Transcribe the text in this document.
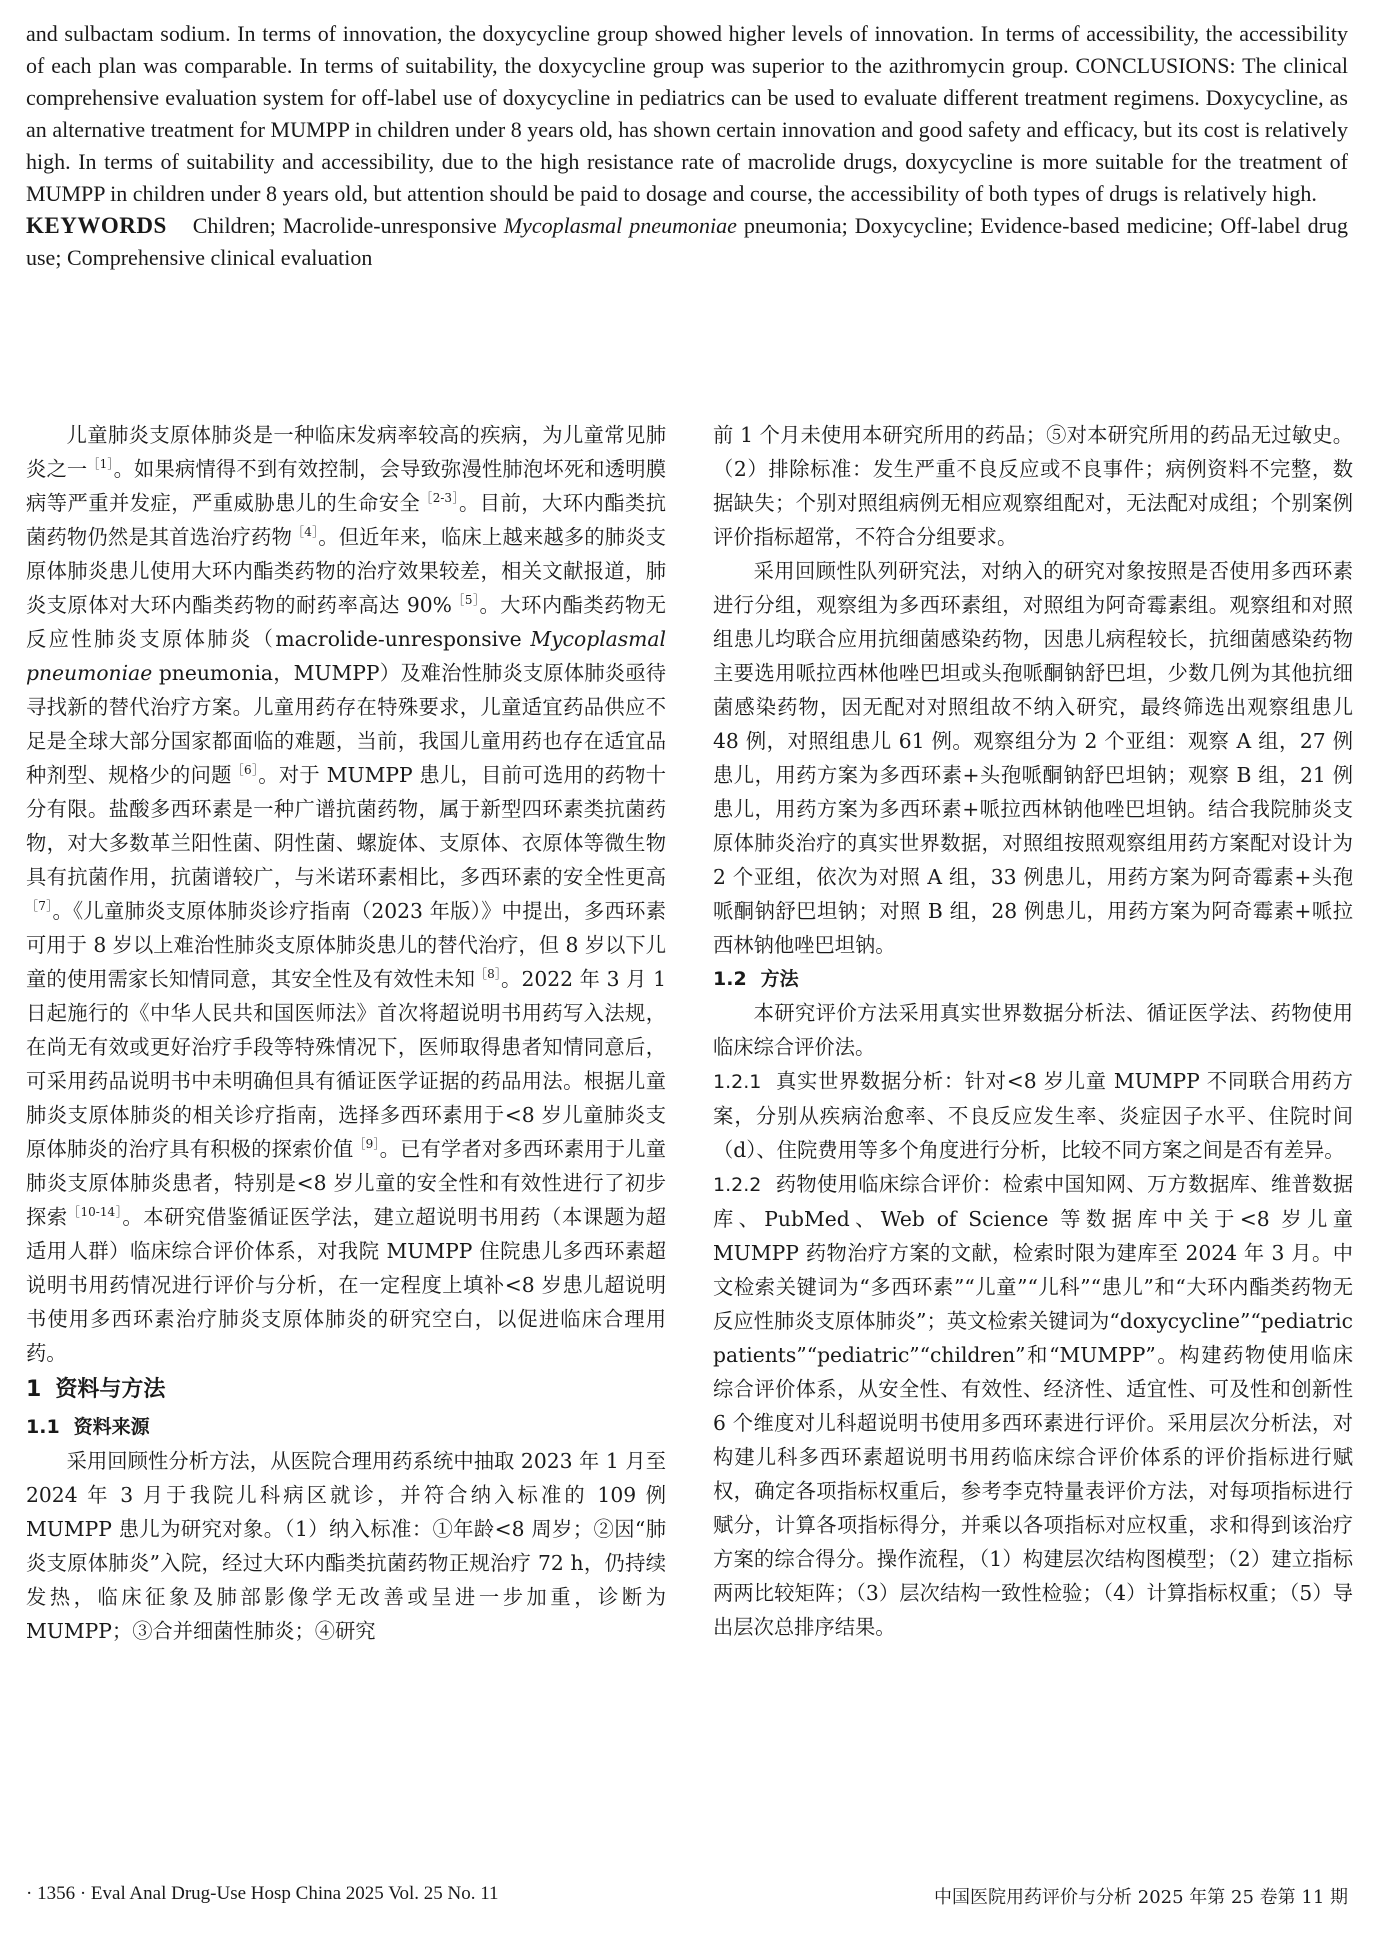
and sulbactam sodium. In terms of innovation, the doxycycline group showed higher levels of innovation. In terms of accessibility, the accessibility of each plan was comparable. In terms of suitability, the doxycycline group was superior to the azithromycin group. CONCLUSIONS: The clinical comprehensive evaluation system for off-label use of doxycycline in pediatrics can be used to evaluate different treatment regimens. Doxycycline, as an alternative treatment for MUMPP in children under 8 years old, has shown certain innovation and good safety and efficacy, but its cost is relatively high. In terms of suitability and accessibility, due to the high resistance rate of macrolide drugs, doxycycline is more suitable for the treatment of MUMPP in children under 8 years old, but attention should be paid to dosage and course, the accessibility of both types of drugs is relatively high.

KEYWORDS Children; Macrolide-unresponsive Mycoplasmal pneumoniae pneumonia; Doxycycline; Evidence-based medicine; Off-label drug use; Comprehensive clinical evaluation

儿童肺炎支原体肺炎是一种临床发病率较高的疾病，为儿童常见肺炎之一$^{[1]}$。如果病情得不到有效控制，会导致弥漫性肺泡坏死和透明膜病等严重并发症，严重威胁患儿的生命安全$^{[2-3]}$。目前，大环内酯类抗菌药物仍然是其首选治疗药物$^{[4]}$。但近年来，临床上越来越多的肺炎支原体肺炎患儿使用大环内酯类药物的治疗效果较差，相关文献报道，肺炎支原体对大环内酯类药物的耐药率高达 90%$^{[5]}$。大环内酯类药物无反应性肺炎支原体肺炎（macrolide-unresponsive Mycoplasmal pneumoniae pneumonia，MUMPP）及难治性肺炎支原体肺炎亟待寻找新的替代治疗方案。儿童用药存在特殊要求，儿童适宜药品供应不足是全球大部分国家都面临的难题，当前，我国儿童用药也存在适宜品种剂型、规格少的问题$^{[6]}$。对于 MUMPP 患儿，目前可选用的药物十分有限。盐酸多西环素是一种广谱抗菌药物，属于新型四环素类抗菌药物，对大多数革兰阳性菌、阴性菌、螺旋体、支原体、衣原体等微生物具有抗菌作用，抗菌谱较广，与米诺环素相比，多西环素的安全性更高$^{[7]}$。《儿童肺炎支原体肺炎诊疗指南（2023 年版）》中提出，多西环素可用于 8 岁以上难治性肺炎支原体肺炎患儿的替代治疗，但 8 岁以下儿童的使用需家长知情同意，其安全性及有效性未知$^{[8]}$。2022 年 3 月 1 日起施行的《中华人民共和国医师法》首次将超说明书用药写入法规，在尚无有效或更好治疗手段等特殊情况下，医师取得患者知情同意后，可采用药品说明书中未明确但具有循证医学证据的药品用法。根据儿童肺炎支原体肺炎的相关诊疗指南，选择多西环素用于<8 岁儿童肺炎支原体肺炎的治疗具有积极的探索价值$^{[9]}$。已有学者对多西环素用于儿童肺炎支原体肺炎患者，特别是<8 岁儿童的安全性和有效性进行了初步探索$^{[10-14]}$。本研究借鉴循证医学法，建立超说明书用药（本课题为超适用人群）临床综合评价体系，对我院 MUMPP 住院患儿多西环素超说明书用药情况进行评价与分析，在一定程度上填补<8 岁患儿超说明书使用多西环素治疗肺炎支原体肺炎的研究空白，以促进临床合理用药。

1 资料与方法
1.1 资料来源

采用回顾性分析方法，从医院合理用药系统中抽取 2023 年 1 月至 2024 年 3 月于我院儿科病区就诊，并符合纳入标准的 109 例 MUMPP 患儿为研究对象。（1）纳入标准：①年龄<8 周岁；②因“肺炎支原体肺炎”入院，经过大环内酯类抗菌药物正规治疗 72 h，仍持续发热，临床征象及肺部影像学无改善或呈进一步加重，诊断为 MUMPP；③合并细菌性肺炎；④研究

前 1 个月未使用本研究所用的药品；⑤对本研究所用的药品无过敏史。（2）排除标准：发生严重不良反应或不良事件；病例资料不完整，数据缺失；个别对照组病例无相应观察组配对，无法配对成组；个别案例评价指标超常，不符合分组要求。

采用回顾性队列研究法，对纳入的研究对象按照是否使用多西环素进行分组，观察组为多西环素组，对照组为阿奇霉素组。观察组和对照组患儿均联合应用抗细菌感染药物，因患儿病程较长，抗细菌感染药物主要选用哌拉西林他唑巴坦或头孢哌酮钠舒巴坦，少数几例为其他抗细菌感染药物，因无配对对照组故不纳入研究，最终筛选出观察组患儿 48 例，对照组患儿 61 例。观察组分为 2 个亚组：观察 A 组，27 例患儿，用药方案为多西环素+头孢哌酮钠舒巴坦钠；观察 B 组，21 例患儿，用药方案为多西环素+哌拉西林钠他唑巴坦钠。结合我院肺炎支原体肺炎治疗的真实世界数据，对照组按照观察组用药方案配对设计为 2 个亚组，依次为对照 A 组，33 例患儿，用药方案为阿奇霉素+头孢哌酮钠舒巴坦钠；对照 B 组，28 例患儿，用药方案为阿奇霉素+哌拉西林钠他唑巴坦钠。

1.2 方法

本研究评价方法采用真实世界数据分析法、循证医学法、药物使用临床综合评价法。

1.2.1 真实世界数据分析：针对<8 岁儿童 MUMPP 不同联合用药方案，分别从疾病治愈率、不良反应发生率、炎症因子水平、住院时间（d）、住院费用等多个角度进行分析，比较不同方案之间是否有差异。

1.2.2 药物使用临床综合评价：检索中国知网、万方数据库、维普数据库、PubMed、Web of Science 等数据库中关于<8 岁儿童 MUMPP 药物治疗方案的文献，检索时限为建库至 2024 年 3 月。中文检索关键词为“多西环素”“儿童”“儿科”“患儿”和“大环内酯类药物无反应性肺炎支原体肺炎”；英文检索关键词为“doxycycline”“pediatric patients”“pediatric”“children”和“MUMPP”。构建药物使用临床综合评价体系，从安全性、有效性、经济性、适宜性、可及性和创新性 6 个维度对儿科超说明书使用多西环素进行评价。采用层次分析法，对构建儿科多西环素超说明书用药临床综合评价体系的评价指标进行赋权，确定各项指标权重后，参考李克特量表评价方法，对每项指标进行赋分，计算各项指标得分，并乘以各项指标对应权重，求和得到该治疗方案的综合得分。操作流程，（1）构建层次结构图模型；（2）建立指标两两比较矩阵；（3）层次结构一致性检验；（4）计算指标权重；（5）导出层次总排序结果。

· 1356 · Eval Anal Drug-Use Hosp China 2025 Vol. 25 No. 11	中国医院用药评价与分析 2025 年第 25 卷第 11 期
